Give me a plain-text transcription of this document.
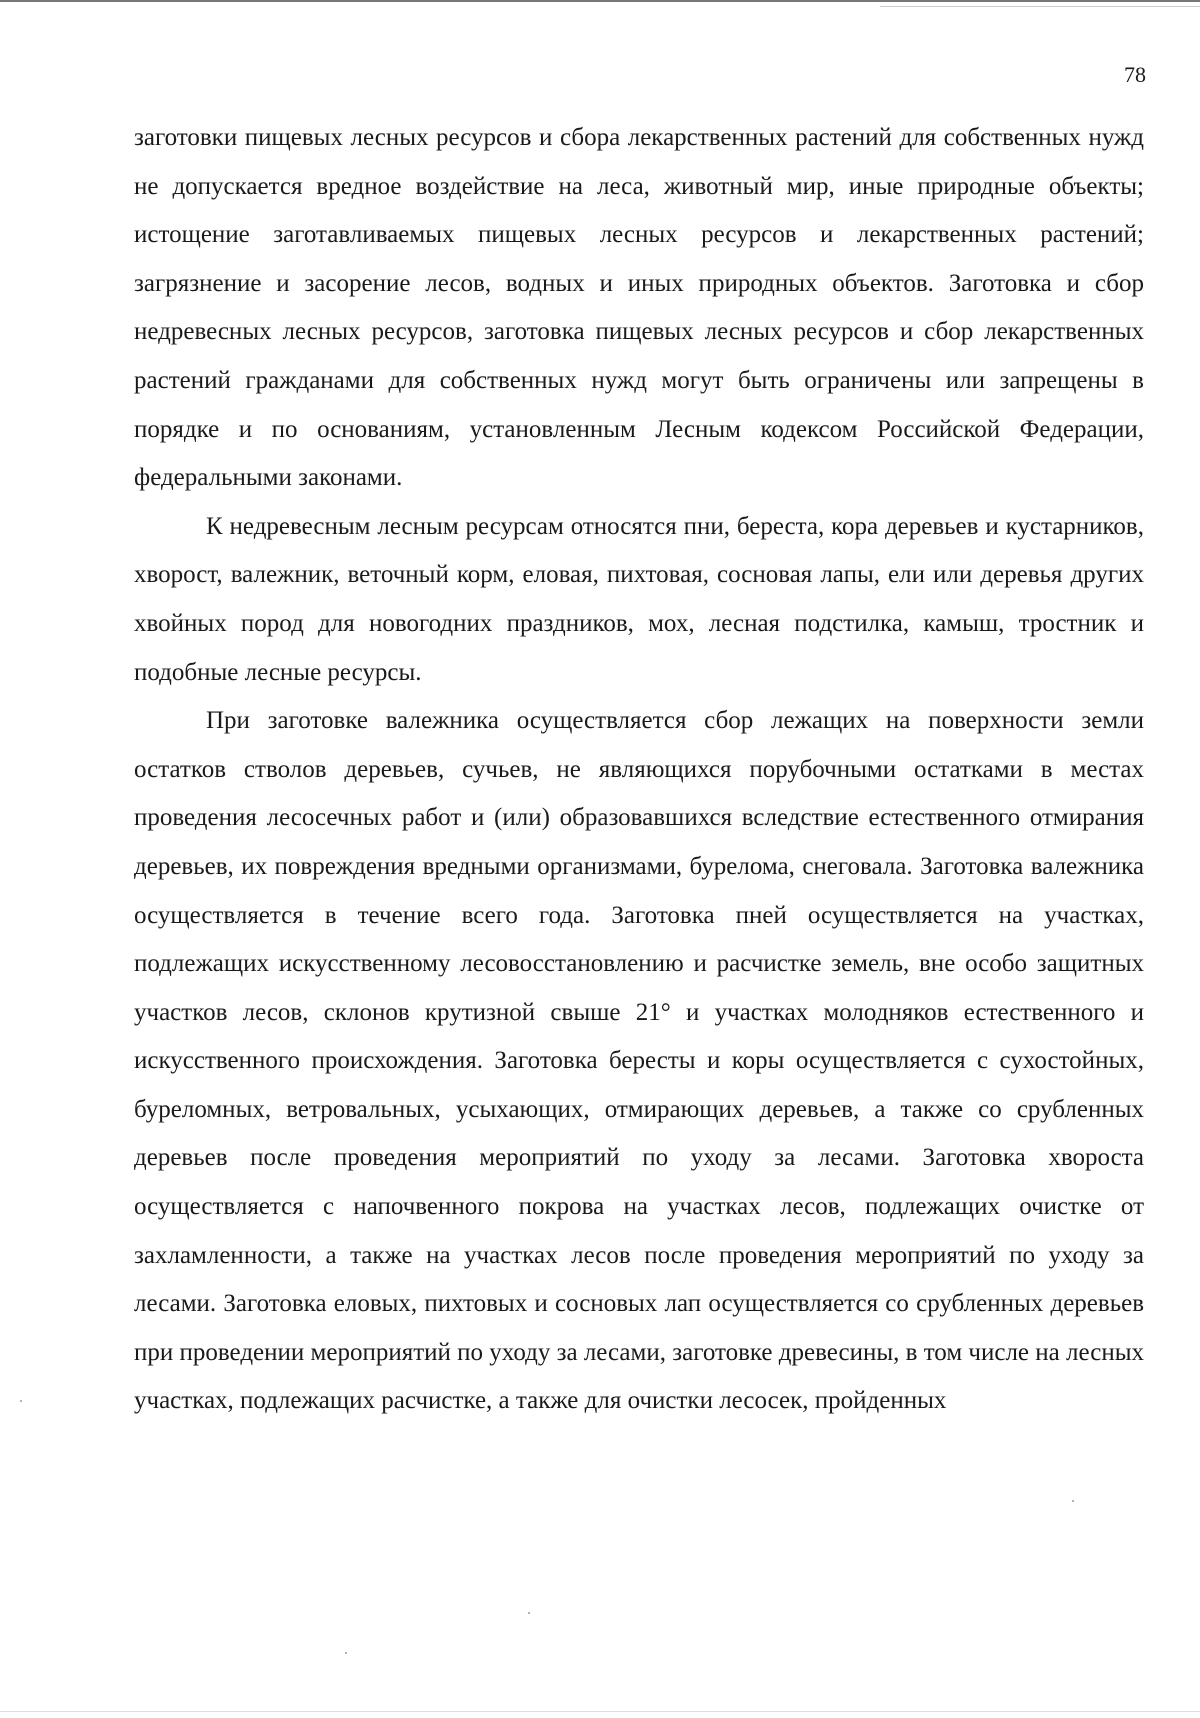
78

заготовки пищевых лесных ресурсов и сбора лекарственных растений для собственных нужд не допускается вредное воздействие на леса, животный мир, иные природные объекты; истощение заготавливаемых пищевых лесных ресурсов и лекарственных растений; загрязнение и засорение лесов, водных и иных природных объектов. Заготовка и сбор недревесных лесных ресурсов, заготовка пищевых лесных ресурсов и сбор лекарственных растений гражданами для собственных нужд могут быть ограничены или запрещены в порядке и по основаниям, установленным Лесным кодексом Российской Федерации, федеральными законами.

К недревесным лесным ресурсам относятся пни, береста, кора деревьев и кустарников, хворост, валежник, веточный корм, еловая, пихтовая, сосновая лапы, ели или деревья других хвойных пород для новогодних праздников, мох, лесная подстилка, камыш, тростник и подобные лесные ресурсы.

При заготовке валежника осуществляется сбор лежащих на поверхности земли остатков стволов деревьев, сучьев, не являющихся порубочными остатками в местах проведения лесосечных работ и (или) образовавшихся вследствие естественного отмирания деревьев, их повреждения вредными организмами, бурелома, снеговала. Заготовка валежника осуществляется в течение всего года. Заготовка пней осуществляется на участках, подлежащих искусственному лесовосстановлению и расчистке земель, вне особо защитных участков лесов, склонов крутизной свыше 21° и участках молодняков естественного и искусственного происхождения. Заготовка бересты и коры осуществляется с сухостойных, буреломных, ветровальных, усыхающих, отмирающих деревьев, а также со срубленных деревьев после проведения мероприятий по уходу за лесами. Заготовка хвороста осуществляется с напочвенного покрова на участках лесов, подлежащих очистке от захламленности, а также на участках лесов после проведения мероприятий по уходу за лесами. Заготовка еловых, пихтовых и сосновых лап осуществляется со срубленных деревьев при проведении мероприятий по уходу за лесами, заготовке древесины, в том числе на лесных участках, подлежащих расчистке, а также для очистки лесосек, пройденных
